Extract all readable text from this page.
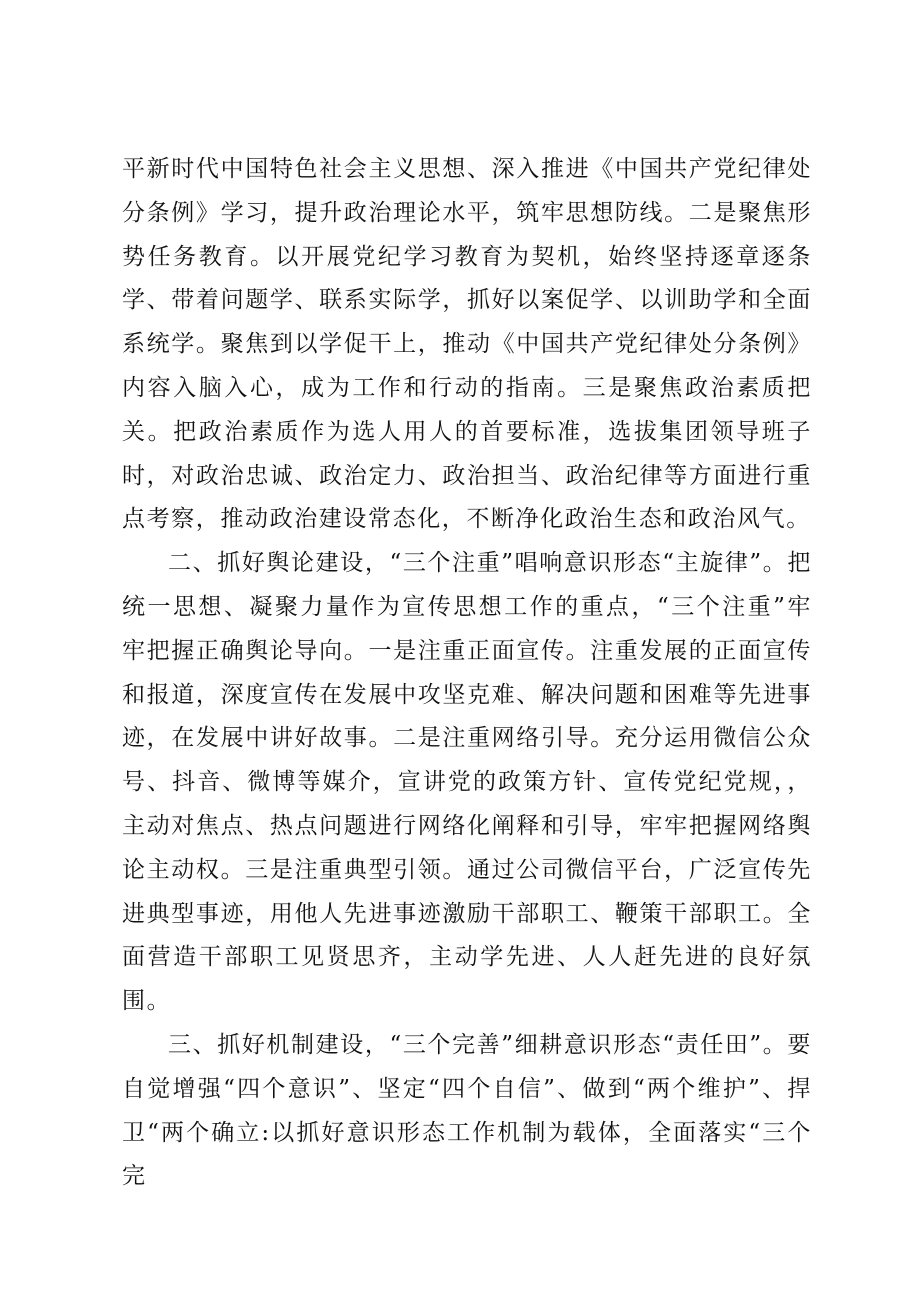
平新时代中国特色社会主义思想、深入推进《中国共产党纪律处分条例》学习，提升政治理论水平，筑牢思想防线。二是聚焦形势任务教育。以开展党纪学习教育为契机，始终坚持逐章逐条学、带着问题学、联系实际学，抓好以案促学、以训助学和全面系统学。聚焦到以学促干上，推动《中国共产党纪律处分条例》内容入脑入心，成为工作和行动的指南。三是聚焦政治素质把关。把政治素质作为选人用人的首要标准，选拔集团领导班子时，对政治忠诚、政治定力、政治担当、政治纪律等方面进行重点考察，推动政治建设常态化，不断净化政治生态和政治风气。

二、抓好舆论建设，“三个注重”唱响意识形态“主旋律”。把统一思想、凝聚力量作为宣传思想工作的重点，“三个注重”牢牢把握正确舆论导向。一是注重正面宣传。注重发展的正面宣传和报道，深度宣传在发展中攻坚克难、解决问题和困难等先进事迹，在发展中讲好故事。二是注重网络引导。充分运用微信公众号、抖音、微博等媒介，宣讲党的政策方针、宣传党纪党规，，主动对焦点、热点问题进行网络化阐释和引导，牢牢把握网络舆论主动权。三是注重典型引领。通过公司微信平台，广泛宣传先进典型事迹，用他人先进事迹激励干部职工、鞭策干部职工。全面营造干部职工见贤思齐，主动学先进、人人赶先进的良好氛围。

三、抓好机制建设，“三个完善”细耕意识形态“责任田”。要自觉增强“四个意识”、坚定“四个自信”、做到“两个维护”、捍卫“两个确立:以抓好意识形态工作机制为载体，全面落实“三个完
